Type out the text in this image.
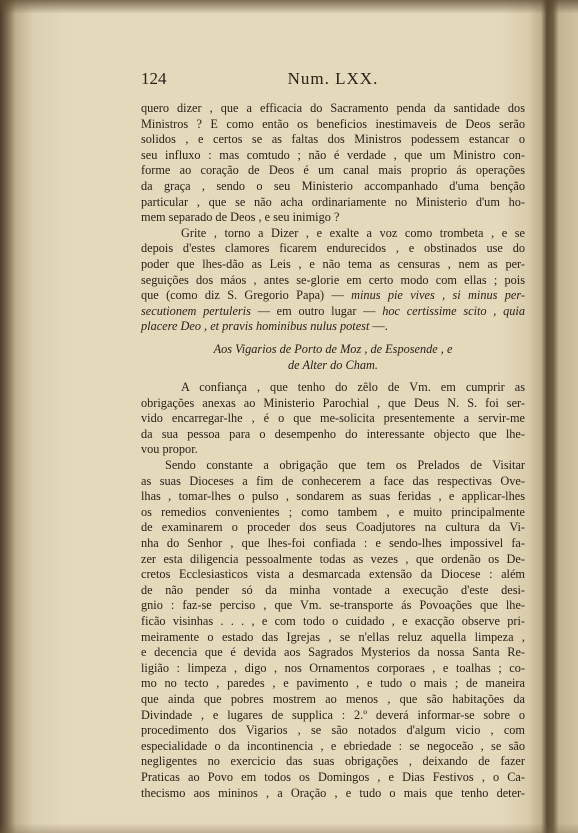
124	Num. LXX.
quero dizer , que a efficacia do Sacramento penda da santidade dos
Ministros ? E como então os beneficios inestimaveis de Deos serão
solidos , e certos se as faltas dos Ministros podessem estancar o
seu influxo : mas comtudo ; não é verdade , que um Ministro con-
forme ao coração de Deos é um canal mais proprio ás operações
da graça , sendo o seu Ministerio accompanhado d'uma benção
particular , que se não acha ordinariamente no Ministerio d'um ho-
mem separado de Deos , e seu inimigo ?
Grite , torno a Dizer , e exalte a voz como trombeta , e se
depois d'estes clamores ficarem endurecidos , e obstinados use do
poder que lhes-dão as Leis , e não tema as censuras , nem as per-
seguições dos máos , antes se-glorie em certo modo com ellas ; pois
que (como diz S. Gregorio Papa) — minus pie vives , si minus per-
secutionem pertuleris — em outro lugar — hoc certissime scito , quia
placere Deo , et pravis hominibus nulus potest —.
Aos Vigarios de Porto de Moz , de Esposende , e
de Alter do Cham.
A confiança , que tenho do zêlo de Vm. em cumprir as
obrigações anexas ao Ministerio Parochial , que Deus N. S. foi ser-
vido encarregar-lhe , é o que me-solicita presentemente a servir-me
da sua pessoa para o desempenho do interessante objecto que lhe-
vou propor.
Sendo constante a obrigação que tem os Prelados de Visitar
as suas Dioceses a fim de conhecerem a face das respectivas Ove-
lhas , tomar-lhes o pulso , sondarem as suas feridas , e applicar-lhes
os remedios convenientes ; como tambem , e muito principalmente
de examinarem o proceder dos seus Coadjutores na cultura da Vi-
nha do Senhor , que lhes-foi confiada : e sendo-lhes impossivel fa-
zer esta diligencia pessoalmente todas as vezes , que ordenão os De-
cretos Ecclesiasticos vista a desmarcada extensão da Diocese : além
de não pender só da minha vontade a execução d'este desi-
gnio : faz-se perciso , que Vm. se-transporte ás Povoações que lhe-
ficão visinhas . . . , e com todo o cuidado , e exacção observe pri-
meiramente o estado das Igrejas , se n'ellas reluz aquella limpeza ,
e decencia que é devida aos Sagrados Mysterios da nossa Santa Re-
ligião : limpeza , digo , nos Ornamentos corporaes , e toalhas ; co-
mo no tecto , paredes , e pavimento , e tudo o mais ; de maneira
que ainda que pobres mostrem ao menos , que são habitações da
Divindade , e lugares de supplica : 2.º deverá informar-se sobre o
procedimento dos Vigarios , se são notados d'algum vicio , com
especialidade o da incontinencia , e ebriedade : se negoceão , se são
negligentes no exercicio das suas obrigações , deixando de fazer
Praticas ao Povo em todos os Domingos , e Dias Festivos , o Ca-
thecismo aos mininos , a Oração , e tudo o mais que tenho deter-
